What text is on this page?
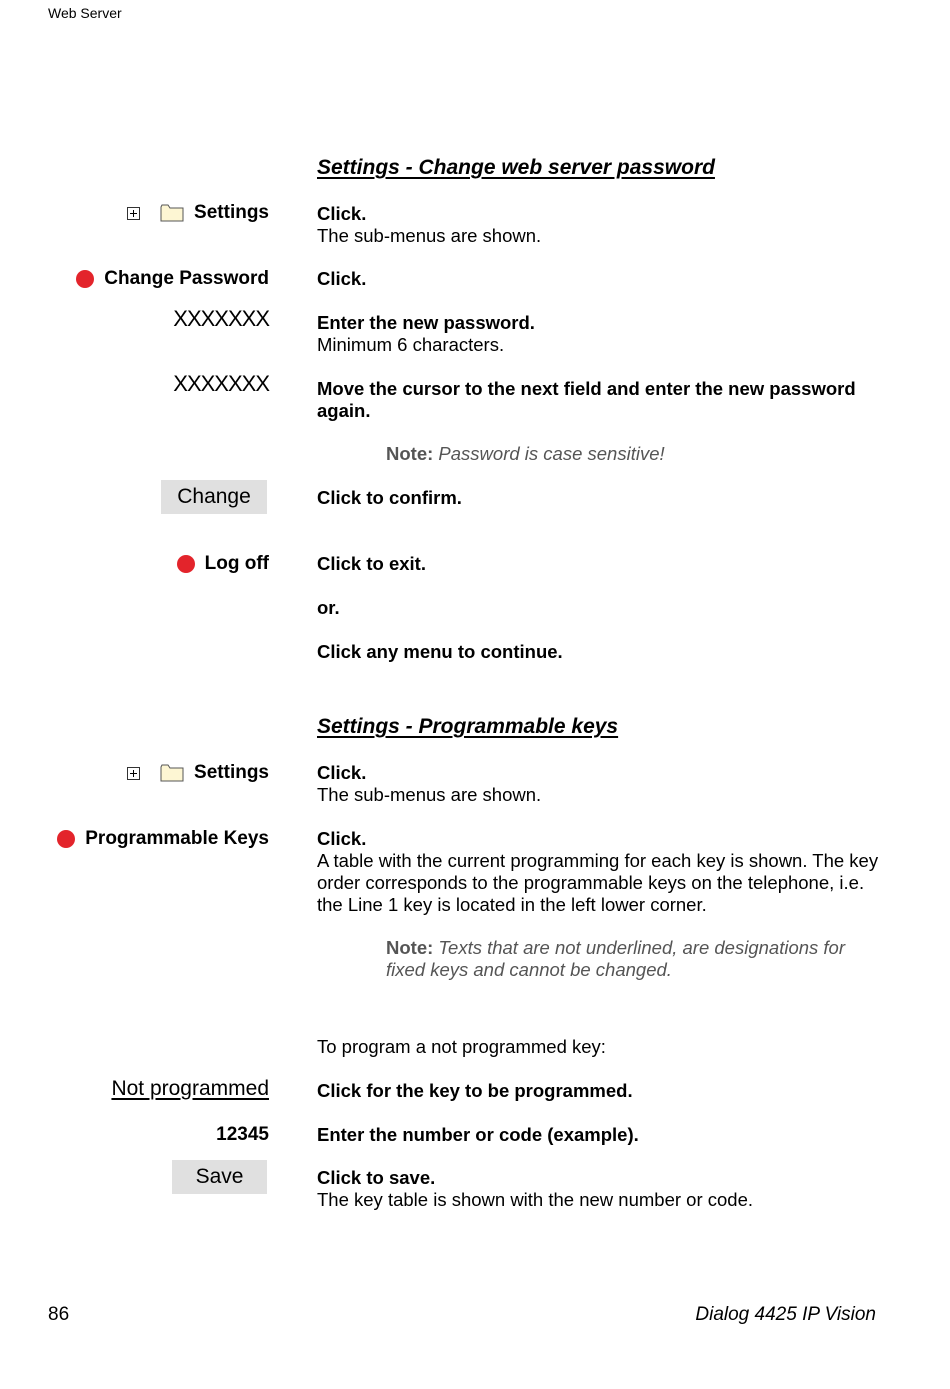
Web Server
86	Dialog 4425 IP Vision
Settings - Change web server password
Settings	Click.
The sub-menus are shown.
Change Password	Click.
XXXXXXX	Enter the new password.
Minimum 6 characters.
XXXXXXX	Move the cursor to the next field and enter the new password again.
Note: Password is case sensitive!
Change	Click to confirm.
Log off	Click to exit.
or.
Click any menu to continue.
Settings - Programmable keys
Settings	Click.
The sub-menus are shown.
Programmable Keys	Click.
A table with the current programming for each key is shown. The key order corresponds to the programmable keys on the telephone, i.e. the Line 1 key is located in the left lower corner.
Note: Texts that are not underlined, are designations for fixed keys and cannot be changed.
To program a not programmed key:
Not programmed	Click for the key to be programmed.
12345	Enter the number or code (example).
Save	Click to save.
The key table is shown with the new number or code.
